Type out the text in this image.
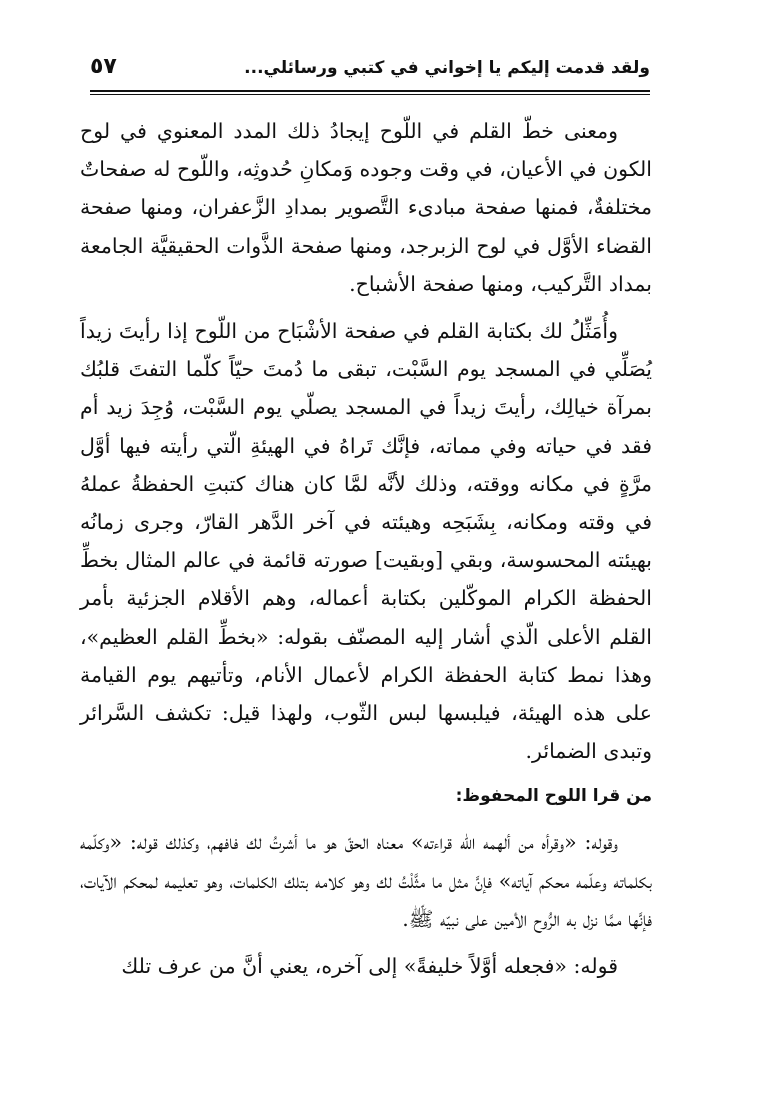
ولقد قدمت إليكم يا إخواني في كتبي ورسائلي...
٥٧

ومعنى خطّ القلم في اللّوح إيجادُ ذلك المدد المعنوي في لوح الكون في الأعيان، في وقت وجوده وَمكانِ حُدوثِه، واللّوح له صفحاتٌ مختلفةٌ، فمنها صفحة مبادىء التَّصوير بمدادِ الزَّعفران، ومنها صفحة القضاء الأوَّل في لوح الزبرجد، ومنها صفحة الذَّوات الحقيقيَّة الجامعة بمداد التَّركيب، ومنها صفحة الأشباح.

وأُمَثِّلُ لك بكتابة القلم في صفحة الأشْبَاح من اللّوح إذا رأيتَ زيداً يُصَلِّي في المسجد يوم السَّبْت، تبقى ما دُمتَ حيّاً كلّما التفتَ قلبُك بمرآة خيالِك، رأيتَ زيداً في المسجد يصلّي يوم السَّبْت، وُجِدَ زيد أم فقد في حياته وفي مماته، فإنَّك تَراهُ في الهيئةِ الّتي رأيته فيها أوَّل مرَّةٍ في مكانه ووقته، وذلك لأنَّه لمَّا كان هناك كتبتِ الحفظةُ عملهُ في وقته ومكانه، بِشَبَحِه وهيئته في آخر الدَّهر القارّ، وجرى زمانُه بهيئته المحسوسة، وبقي [وبقيت] صورته قائمة في عالم المثال بخطِّ الحفظة الكرام الموكّلين بكتابة أعماله، وهم الأقلام الجزئية بأمر القلم الأعلى الّذي أشار إليه المصنّف بقوله: «بخطِّ القلم العظيم»، وهذا نمط كتابة الحفظة الكرام لأعمال الأنام، وتأتيهم يوم القيامة على هذه الهيئة، فيلبسها لبس الثّوب، ولهذا قيل: تكشف السَّرائر وتبدى الضمائر.

من قرا اللوح المحفوظ:

وقوله: «وقرأه من ألهمه الله قراءته» معناه الحقّ هو ما أشرتُ لك فافهم، وكذلك قوله: «وكلّمه بكلماته وعلّمه محكم آياته» فإنَّ مثل ما مثَّلْتُ لك وهو كلامه بتلك الكلمات، وهو تعليمه لمحكم الآيات، فإنَّها ممَّا نزل به الرُّوح الأمين على نبيّه ﷺ.

قوله: «فجعله أوَّلاً خليفةً» إلى آخره، يعني أنَّ من عرف تلك
